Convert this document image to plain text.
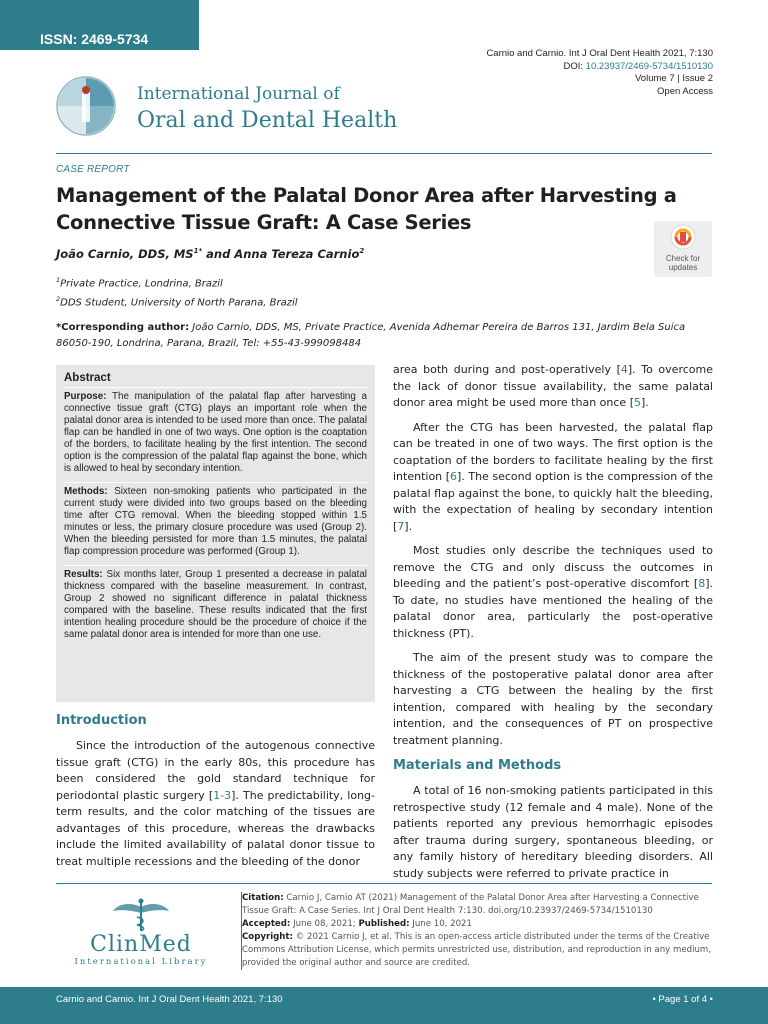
ISSN: 2469-5734
Carnio and Carnio. Int J Oral Dent Health 2021, 7:130
DOI: 10.23937/2469-5734/1510130
Volume 7 | Issue 2
Open Access
International Journal of
Oral and Dental Health
CASE REPORT
Management of the Palatal Donor Area after Harvesting a Connective Tissue Graft: A Case Series
Check for
updates
João Carnio, DDS, $MS^{1*}$ and Anna Tereza Carnio$^2$
$^1$Private Practice, Londrina, Brazil
$^2$DDS Student, University of North Parana, Brazil
*Corresponding author: João Carnio, DDS, MS, Private Practice, Avenida Adhemar Pereira de Barros 131, Jardim Bela Suica 86050-190, Londrina, Parana, Brazil, Tel: +55-43-999098484
Abstract

Purpose: The manipulation of the palatal flap after harvesting a connective tissue graft (CTG) plays an important role when the palatal donor area is intended to be used more than once. The palatal flap can be handled in one of two ways. One option is the coaptation of the borders, to facilitate healing by the first intention. The second option is the compression of the palatal flap against the bone, which is allowed to heal by secondary intention.

Methods: Sixteen non-smoking patients who participated in the current study were divided into two groups based on the bleeding time after CTG removal. When the bleeding stopped within 1.5 minutes or less, the primary closure procedure was used (Group 2). When the bleeding persisted for more than 1.5 minutes, the palatal flap compression procedure was performed (Group 1).

Results: Six months later, Group 1 presented a decrease in palatal thickness compared with the baseline measurement. In contrast, Group 2 showed no significant difference in palatal thickness compared with the baseline. These results indicated that the first intention healing procedure should be the procedure of choice if the same palatal donor area is intended for more than one use.

Introduction

Since the introduction of the autogenous connective tissue graft (CTG) in the early 80s, this procedure has been considered the gold standard technique for periodontal plastic surgery [1-3]. The predictability, long-term results, and the color matching of the tissues are advantages of this procedure, whereas the drawbacks include the limited availability of palatal donor tissue to treat multiple recessions and the bleeding of the donor

area both during and post-operatively [4]. To overcome the lack of donor tissue availability, the same palatal donor area might be used more than once [5].

After the CTG has been harvested, the palatal flap can be treated in one of two ways. The first option is the coaptation of the borders to facilitate healing by the first intention [6]. The second option is the compression of the palatal flap against the bone, to quickly halt the bleeding, with the expectation of healing by secondary intention [7].

Most studies only describe the techniques used to remove the CTG and only discuss the outcomes in bleeding and the patient’s post-operative discomfort [8]. To date, no studies have mentioned the healing of the palatal donor area, particularly the post-operative thickness (PT).

The aim of the present study was to compare the thickness of the postoperative palatal donor area after harvesting a CTG between the healing by the first intention, compared with healing by the secondary intention, and the consequences of PT on prospective treatment planning.

Materials and Methods

A total of 16 non-smoking patients participated in this retrospective study (12 female and 4 male). None of the patients reported any previous hemorrhagic episodes after trauma during surgery, spontaneous bleeding, or any family history of hereditary bleeding disorders. All study subjects were referred to private practice in

ClinMed
International Library
Citation: Carnio J, Carnio AT (2021) Management of the Palatal Donor Area after Harvesting a Connective Tissue Graft: A Case Series. Int J Oral Dent Health 7:130. doi.org/10.23937/2469-5734/1510130
Accepted: June 08, 2021; Published: June 10, 2021
Copyright: © 2021 Carnio J, et al. This is an open-access article distributed under the terms of the Creative Commons Attribution License, which permits unrestricted use, distribution, and reproduction in any medium, provided the original author and source are credited.
Carnio and Carnio. Int J Oral Dent Health 2021, 7:130	• Page 1 of 4 •
